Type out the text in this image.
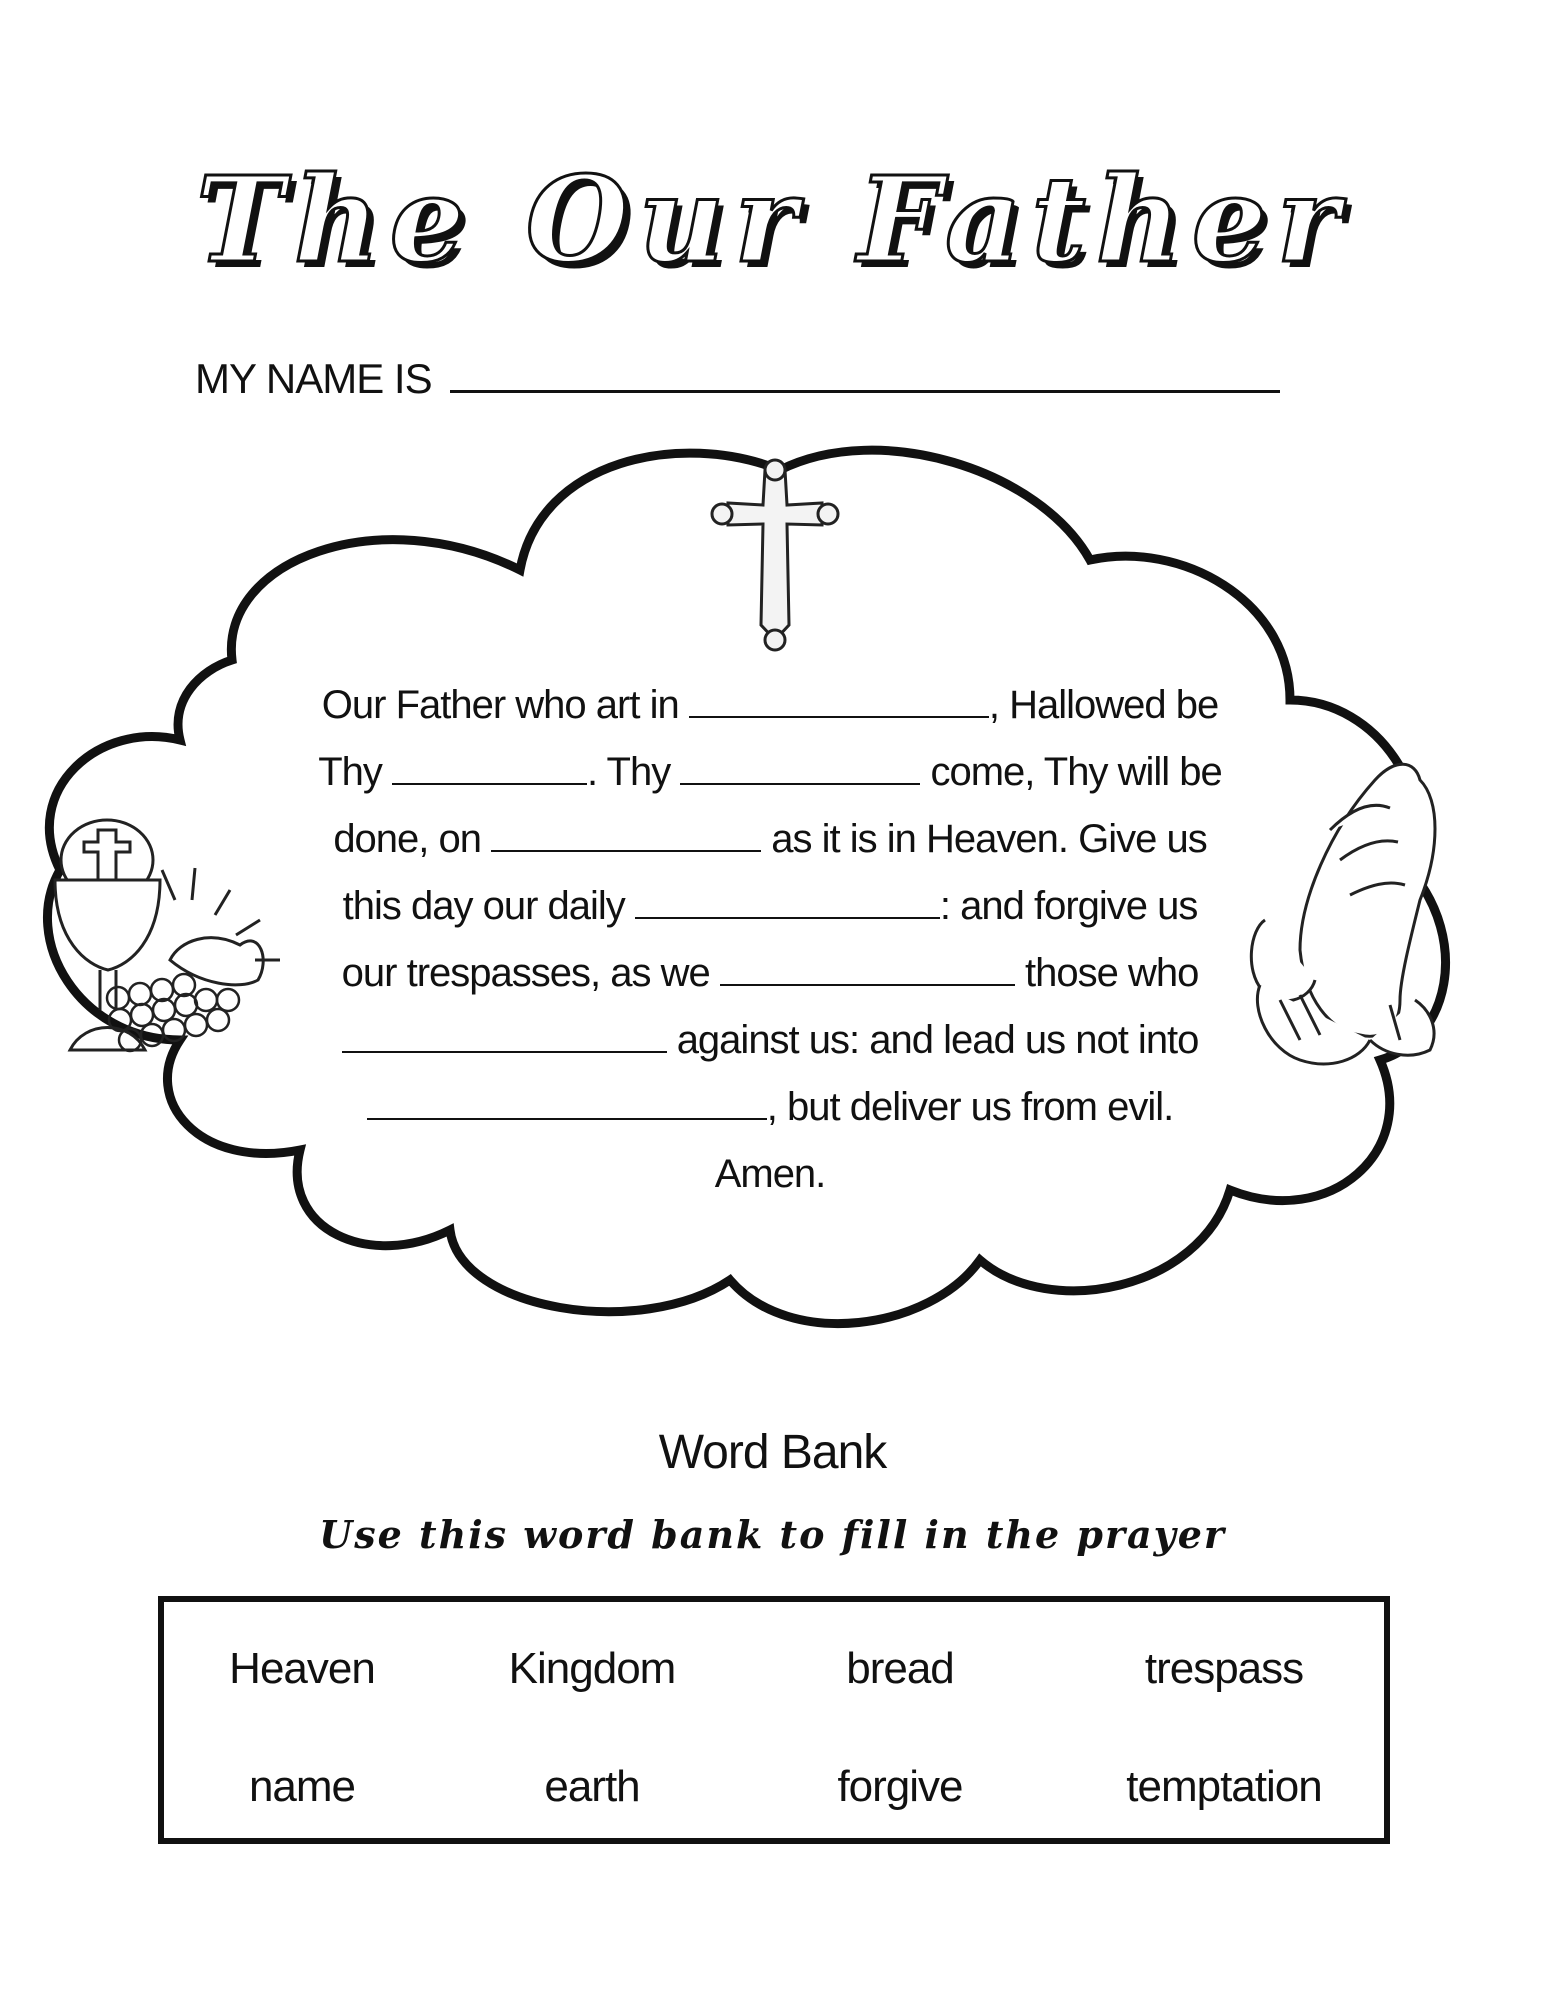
The Our Father
MY NAME IS
Our Father who art in	, Hallowed be
Thy	. Thy	come, Thy will be
done, on	as it is in Heaven. Give us
this day our daily	: and forgive us
our trespasses, as we	those who
against us: and lead us not into
, but deliver us from evil.
Amen.
Word Bank
Use this word bank to fill in the prayer
Heaven	Kingdom	bread	trespass
name	earth	forgive	temptation
